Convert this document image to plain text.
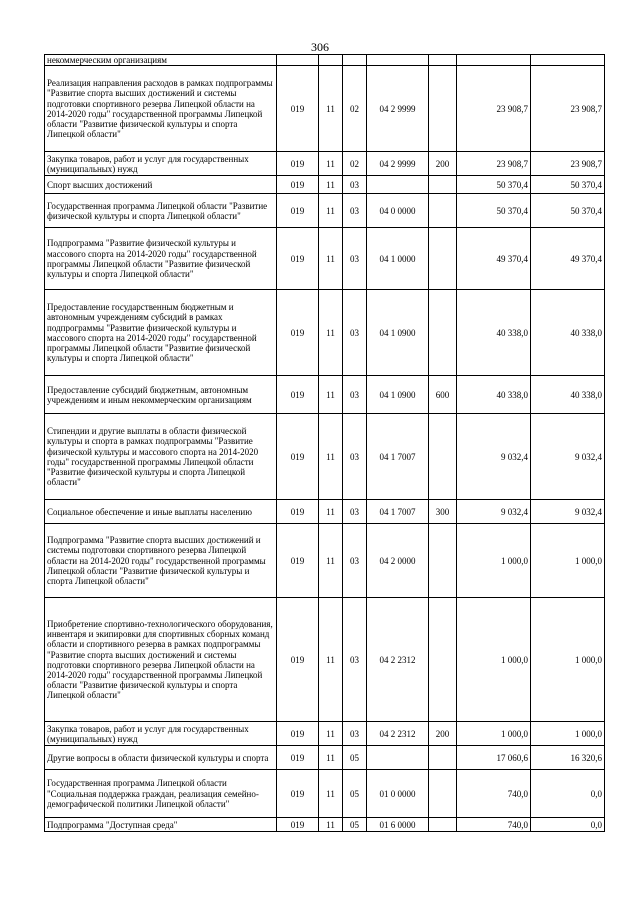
306
некоммерческим организациям							
Реализация направления расходов в рамках подпрограммы "Развитие спорта высших достижений и системы подготовки спортивного резерва Липецкой области на 2014-2020 годы" государственной программы Липецкой области "Развитие физической культуры и спорта Липецкой области"	019	11	02	04 2 9999		23 908,7	23 908,7
Закупка товаров, работ и услуг для государственных (муниципальных) нужд	019	11	02	04 2 9999	200	23 908,7	23 908,7
Спорт высших достижений	019	11	03			50 370,4	50 370,4
Государственная программа Липецкой области "Развитие физической культуры и спорта Липецкой области"	019	11	03	04 0 0000		50 370,4	50 370,4
Подпрограмма "Развитие физической культуры и массового спорта на 2014-2020 годы" государственной программы Липецкой области "Развитие физической культуры и спорта Липецкой области"	019	11	03	04 1 0000		49 370,4	49 370,4
Предоставление государственным бюджетным и автономным учреждениям субсидий в рамках подпрограммы "Развитие физической культуры и массового спорта на 2014-2020 годы" государственной программы Липецкой области "Развитие физической культуры и спорта Липецкой области"	019	11	03	04 1 0900		40 338,0	40 338,0
Предоставление субсидий бюджетным, автономным учреждениям и иным некоммерческим организациям	019	11	03	04 1 0900	600	40 338,0	40 338,0
Стипендии и другие выплаты в области физической культуры и спорта в рамках подпрограммы "Развитие физической культуры и массового спорта на 2014-2020 годы" государственной программы Липецкой области "Развитие физической культуры и спорта Липецкой области"	019	11	03	04 1 7007		9 032,4	9 032,4
Социальное обеспечение и иные выплаты населению	019	11	03	04 1 7007	300	9 032,4	9 032,4
Подпрограмма "Развитие спорта высших достижений и системы подготовки спортивного резерва Липецкой области на 2014-2020 годы" государственной программы Липецкой области "Развитие физической культуры и спорта Липецкой области"	019	11	03	04 2 0000		1 000,0	1 000,0
Приобретение спортивно-технологического оборудования, инвентаря и экипировки для спортивных сборных команд области и спортивного резерва в рамках подпрограммы "Развитие спорта высших достижений и системы подготовки спортивного резерва Липецкой области на 2014-2020 годы" государственной программы Липецкой области "Развитие физической культуры и спорта Липецкой области"	019	11	03	04 2 2312		1 000,0	1 000,0
Закупка товаров, работ и услуг для государственных (муниципальных) нужд	019	11	03	04 2 2312	200	1 000,0	1 000,0
Другие вопросы в области физической культуры и спорта	019	11	05			17 060,6	16 320,6
Государственная программа Липецкой области "Социальная поддержка граждан, реализация семейно-демографической политики Липецкой области"	019	11	05	01 0 0000		740,0	0,0
Подпрограмма "Доступная среда"	019	11	05	01 6 0000		740,0	0,0
